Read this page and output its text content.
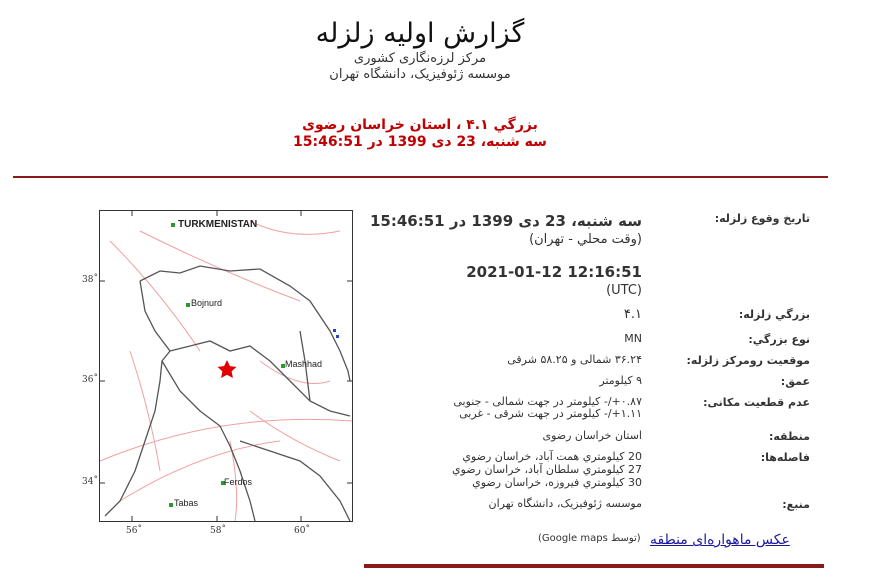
گزارش اولیه زلزله
مرکز لرزه‌نگاری کشوری
موسسه ژئوفیزیک، دانشگاه تهران
بزرگي ۴.۱ ، استان خراسان رضوی
سه شنبه، 23 دی 1399 در 15:46:51
TURKMENISTAN
Bojnurd
Mashhad
Ferdos
Tabas
38˚
36˚
34˚
56˚	58˚	60˚
تاریخ وقوع زلزله:
سه شنبه، 23 دی 1399 در 15:46:51
(وقت محلي - تهران)
2021-01-12 12:16:51
(UTC)
بزرگي زلزله:
۴.۱
نوع بزرگي:
MN
موقعيت رومرکز زلزله:
۳۶.۲۴ شمالی و ۵۸.۲۵ شرقی
عمق:
۹ کيلومتر
عدم قطعيت مکانی:
۰.۸۷+/- کيلومتر در جهت شمالی - جنوبی
۱.۱۱+/- کيلومتر در جهت شرقی - غربی
منطقه:
استان خراسان رضوی
فاصله‌ها:
20 کيلومتري همت آباد، خراسان رضوي
27 کيلومتري سلطان آباد، خراسان رضوي
30 کيلومتري فيروزه، خراسان رضوي
منبع:
موسسه ژئوفیزیک، دانشگاه تهران
عکس ماهواره‌ای منطقه
(توسط Google maps)
